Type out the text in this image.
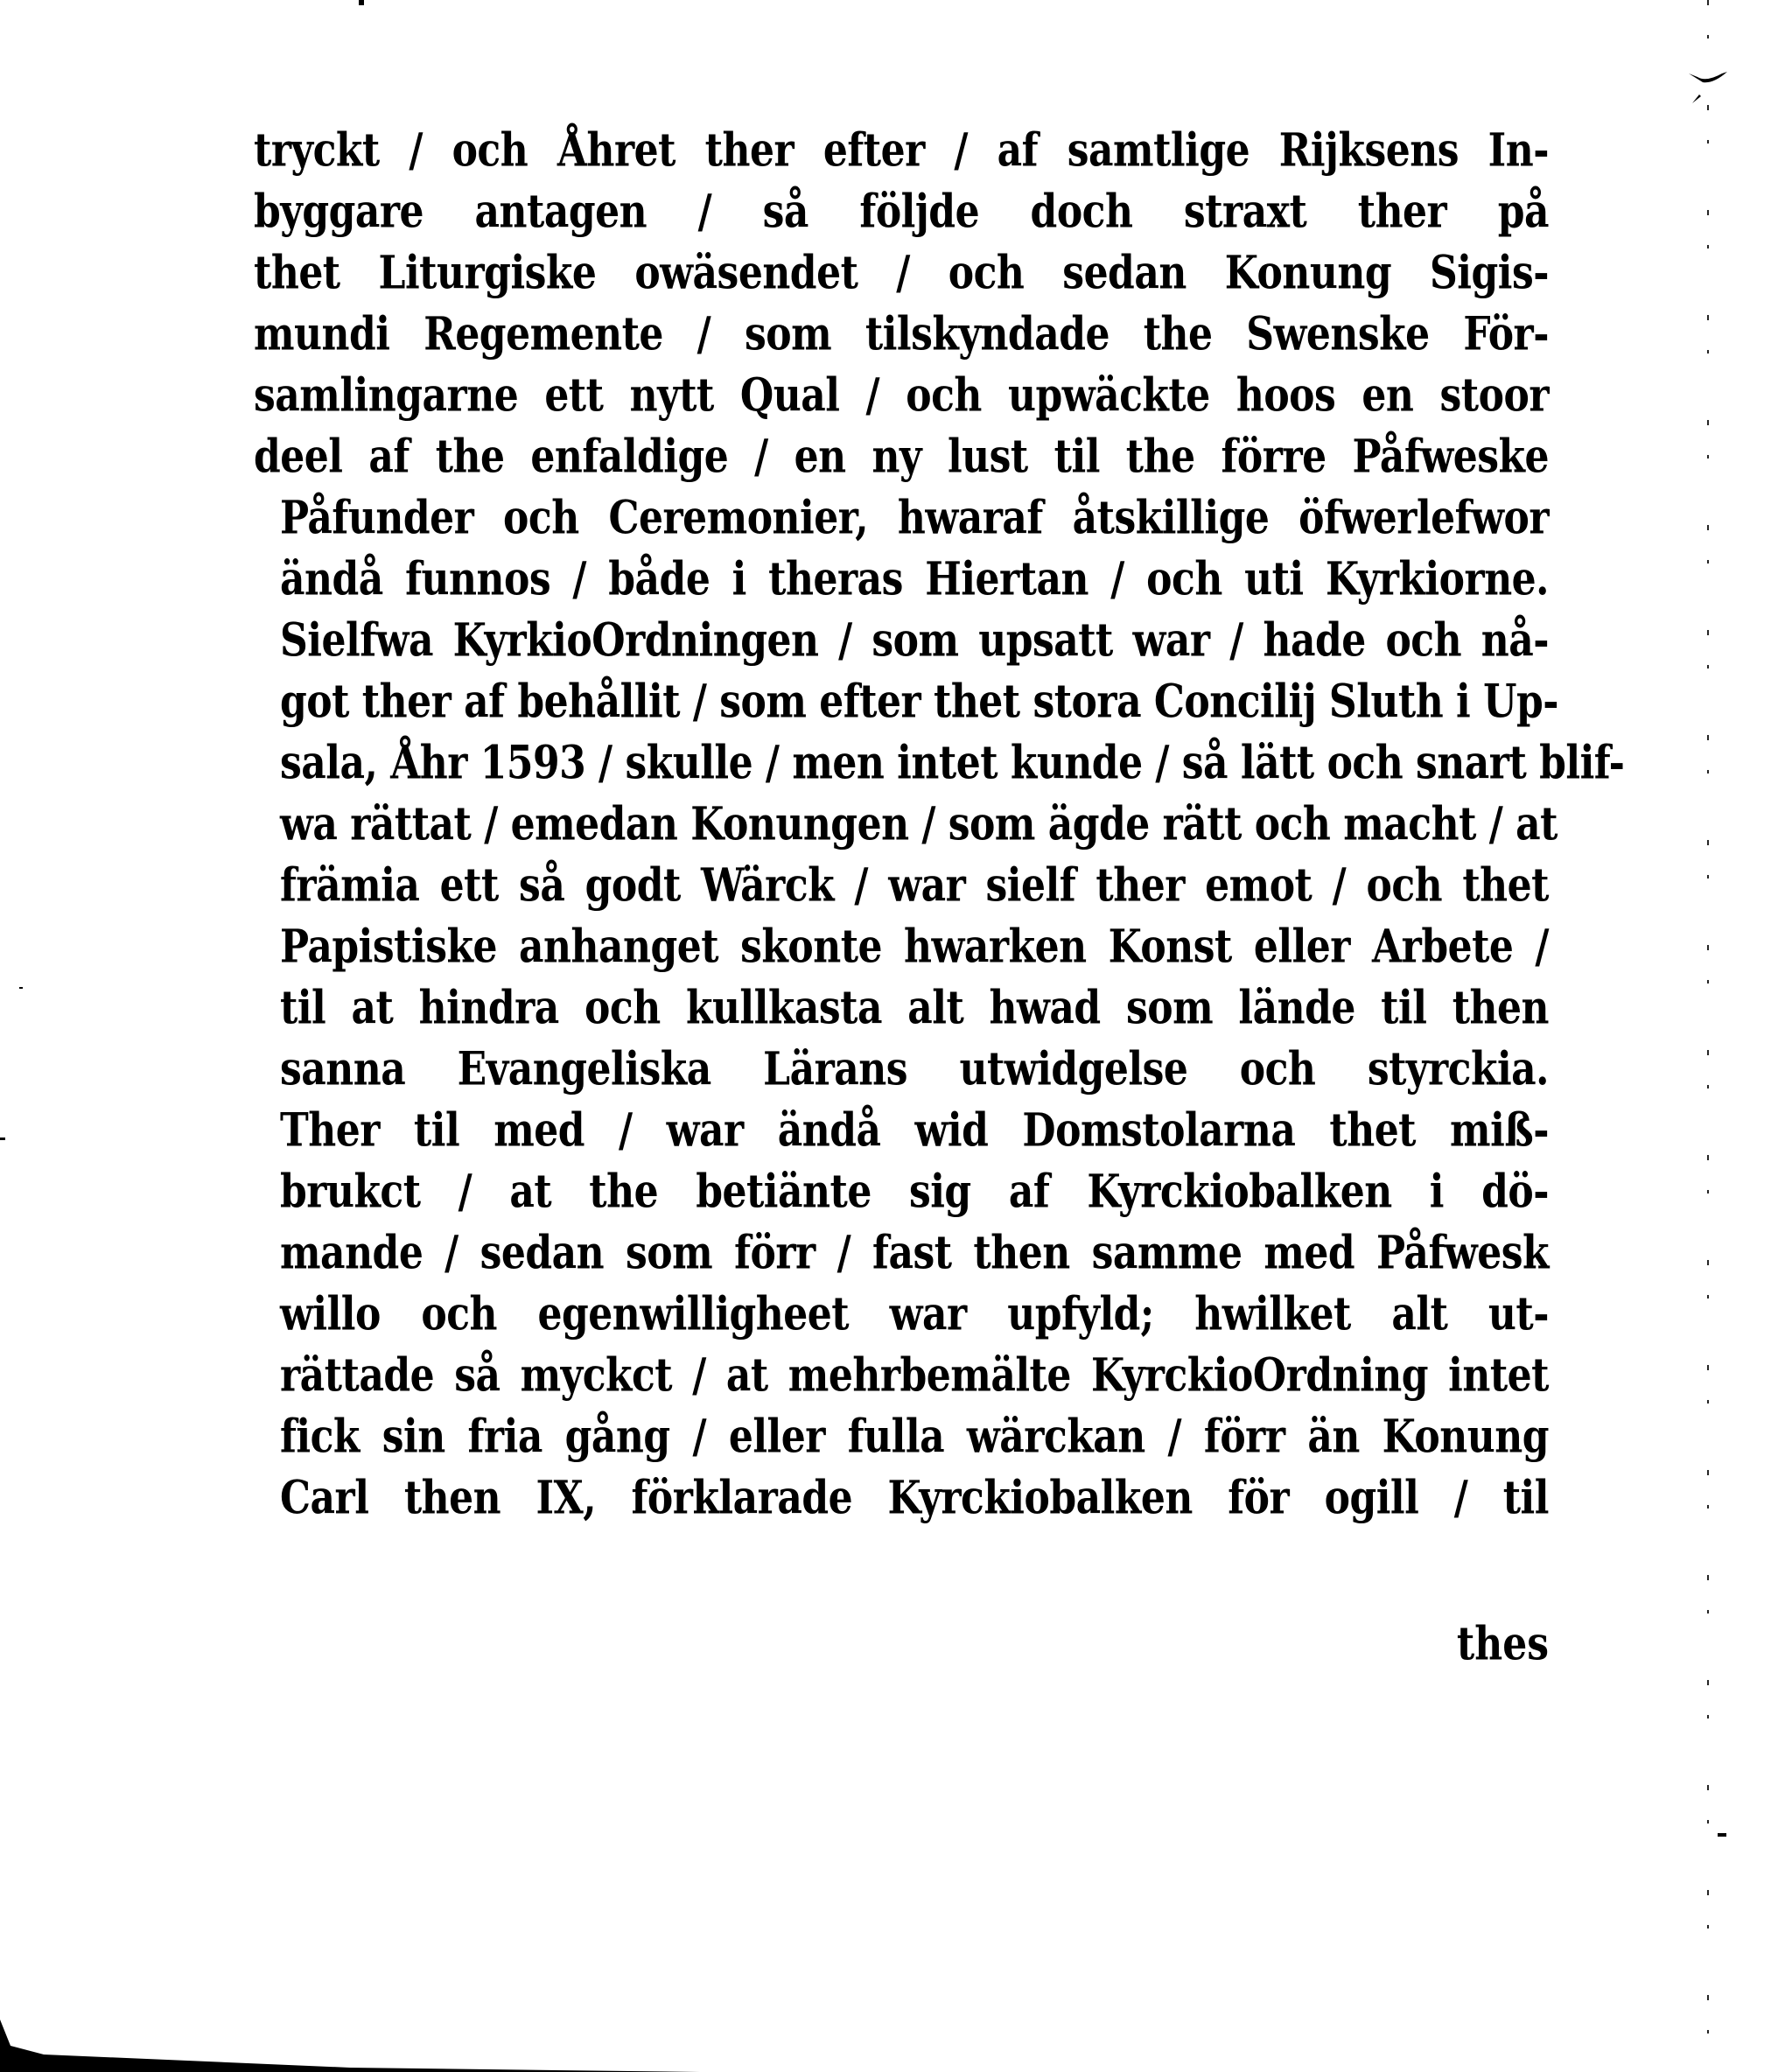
tryckt / och Åhret ther efter / af samtlige Rijksens In-
byggare antagen / så följde doch straxt ther på
thet Liturgiske owäsendet / och sedan Konung Sigis-
mundi Regemente / som tilskyndade the Swenske För-
samlingarne ett nytt Qual / och upwäckte hoos en stoor
deel af the enfaldige / en ny lust til the förre Påfweske
Påfunder och Ceremonier, hwaraf åtskillige öfwerlefwor
ändå funnos / både i theras Hiertan / och uti Kyrkiorne.
Sielfwa KyrkioOrdningen / som upsatt war / hade och nå-
got ther af behållit / som efter thet stora Concilij Sluth i Up-
sala, Åhr 1593 / skulle / men intet kunde / så lätt och snart blif-
wa rättat / emedan Konungen / som ägde rätt och macht / at
främia ett så godt Wärck / war sielf ther emot / och thet
Papistiske anhanget skonte hwarken Konst eller Arbete /
til at hindra och kullkasta alt hwad som lände til then
sanna Evangeliska Lärans utwidgelse och styrckia.
Ther til med / war ändå wid Domstolarna thet miß-
brukct / at the betiänte sig af Kyrckiobalken i dö-
mande / sedan som förr / fast then samme med Påfwesk
willo och egenwilligheet war upfyld; hwilket alt ut-
rättade så myckct / at mehrbemälte KyrckioOrdning intet
fick sin fria gång / eller fulla wärckan / förr än Konung
Carl then IX, förklarade Kyrckiobalken för ogill / til
thes
